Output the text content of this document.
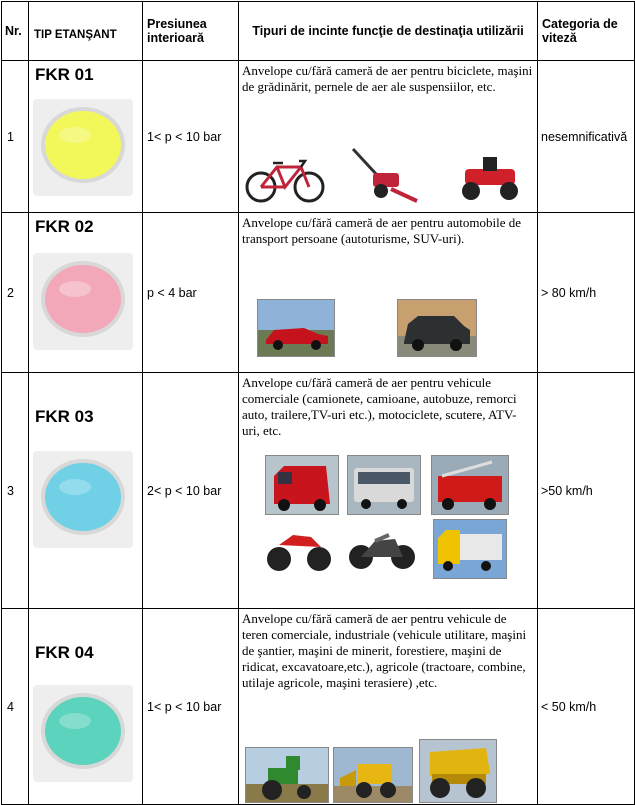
Nr.	TIP ETANŞANT	Presiunea interioară	Tipuri de incinte funcţie de destinaţia utilizării	Categoria de viteză
1	FKR 01	1< p < 10 bar	Anvelope cu/fără cameră de aer pentru biciclete, maşini de grădinărit, pernele de aer ale suspensiilor, etc.	nesemnificativă
2	FKR 02	p < 4 bar	Anvelope cu/fără cameră de aer pentru automobile de transport persoane (autoturisme, SUV-uri).	> 80 km/h
3	FKR 03	2< p < 10 bar	Anvelope cu/fără cameră de aer pentru vehicule comerciale (camionete, camioane, autobuze, remorci auto, trailere,TV-uri etc.), motociclete, scutere, ATV-uri, etc.	>50 km/h
4	FKR 04	1< p < 10 bar	Anvelope cu/fără cameră de aer pentru vehicule de teren comerciale, industriale (vehicule utilitare, maşini de şantier, maşini de minerit, forestiere, maşini de ridicat, excavatoare,etc.), agricole (tractoare, combine, utilaje agricole, maşini terasiere) ,etc.	< 50 km/h
